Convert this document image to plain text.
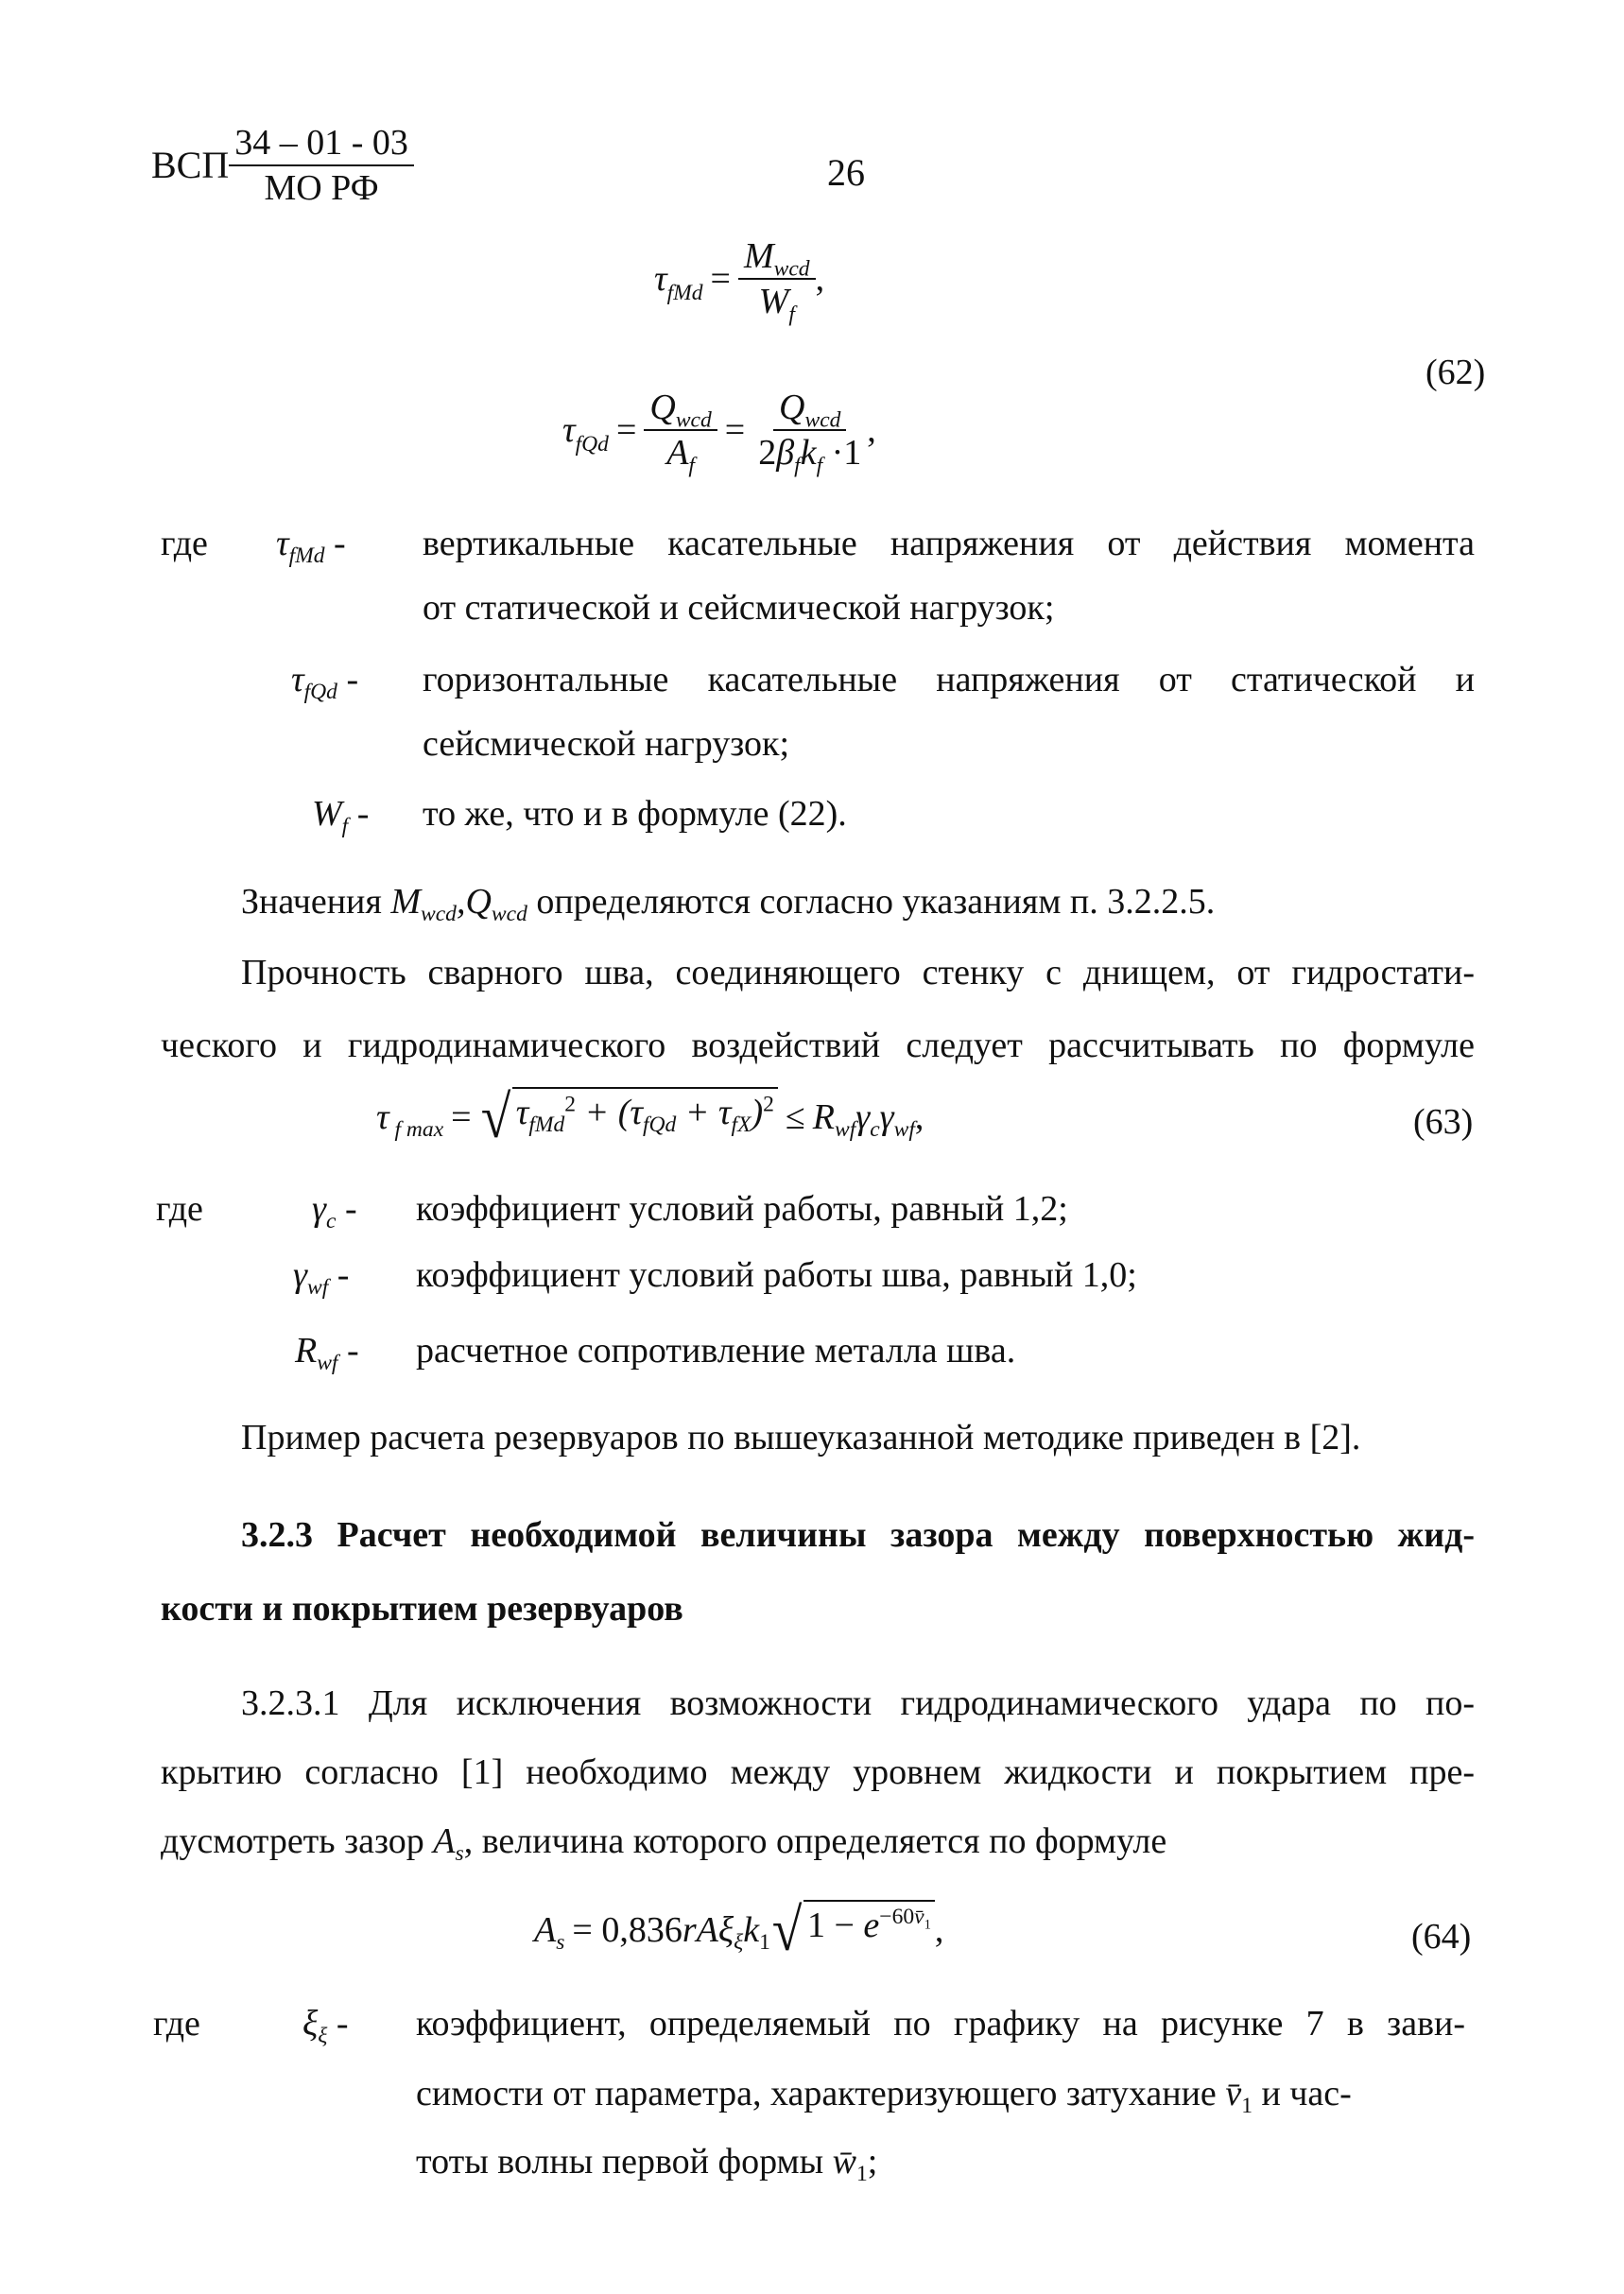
ВСП $\frac{34 - 01 - 03}{\text{МО РФ}}$	26
$\tau_{fMd} = \frac{M_{wcd}}{W_f}$ ,
(62)
$\tau_{fQd} = \frac{Q_{wcd}}{A_f} = \frac{Q_{wcd}}{2\beta_fk_f \cdot 1}$ ,
где $\tau_{fMd}$ - вертикальные касательные напряжения от действия момента
от статической и сейсмической нагрузок;
$\tau_{fQd}$ - горизонтальные касательные напряжения от статической и
сейсмической нагрузок;
$W_f$ - то же, что и в формуле (22).
Значения $M_{wcd},Q_{wcd}$ определяются согласно указаниям п. 3.2.2.5.
Прочность сварного шва, соединяющего стенку с днищем, от гидростати-
ческого и гидродинамического воздействий следует рассчитывать по формуле
τ $_{f max}$ = √ $\tau_{fMd}^2 + (\tau_{fQd} + \tau_{fX})^2 \le R_{wf}\gamma_c\gamma_{wf}$ ,	(63)
где	$\gamma_c$ - коэффициент условий работы, равный 1,2;
$\gamma_{wf}$ - коэффициент условий работы шва, равный 1,0;
$R_{wf}$ - расчетное сопротивление металла шва.
Пример расчета резервуаров по вышеуказанной методике приведен в [2].
3.2.3 Расчет необходимой величины зазора между поверхностью жид-
кости и покрытием резервуаров
3.2.3.1 Для исключения возможности гидродинамического удара по по-
крытию согласно [1] необходимо между уровнем жидкости и покрытием пре-
дусмотреть зазор $A_s$, величина которого определяется по формуле
$A_s = 0,836$ $rA\xi_\xi k_1$ √ $1 - e^{-60v̄_1}$ ,	(64)
где	$\xi_\xi$ - коэффициент, определяемый по графику на рисунке 7 в зави-
симости от параметра, характеризующего затухание $v̄_1$ и час-
тоты волны первой формы $w̄_1$;
